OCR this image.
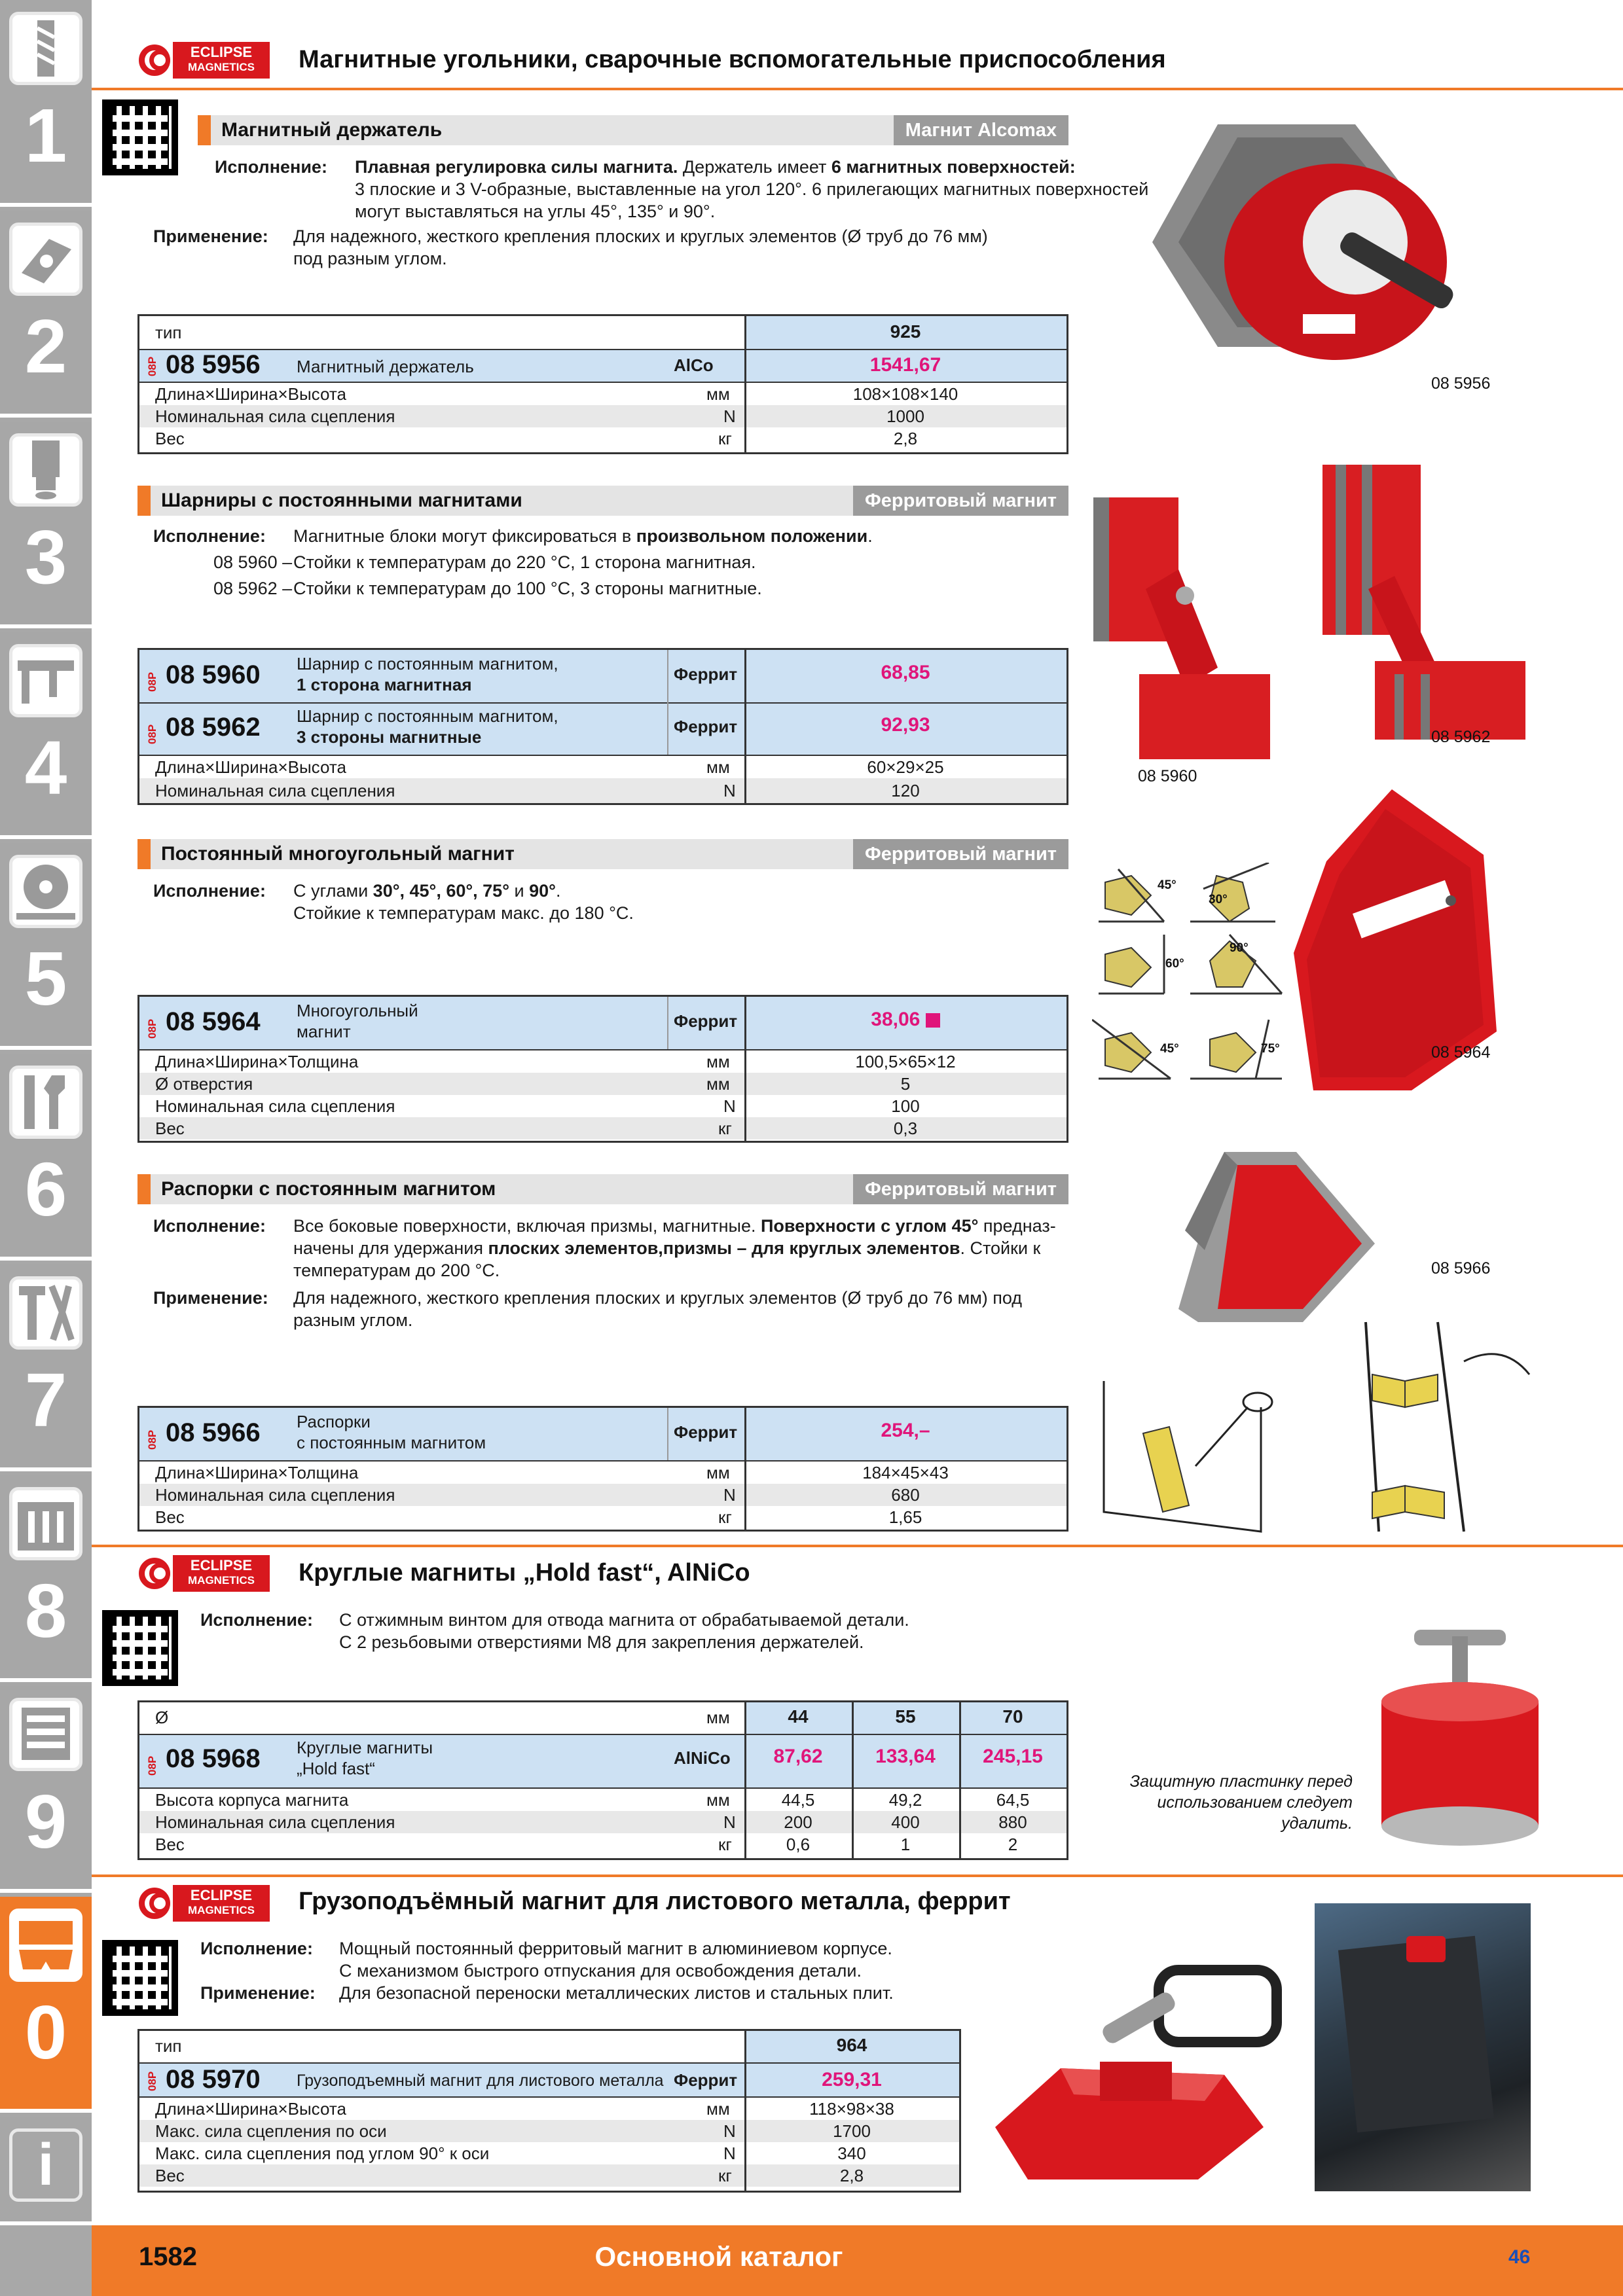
1
2
3
4
5
6
7
8
9
0
i
ECLIPSE
MAGNETICS	Магнитные угольники, сварочные вспомогательные приспособления
Магнитный держатель	Магнит Alcomax
Исполнение: Плавная регулировка силы магнита. Держатель имеет 6 магнитных поверхностей:
3 плоские и 3 V-образные, выставленные на угол 120°. 6 прилегающих магнитных поверхностей
могут выставляться на углы 45°, 135° и 90°.
Применение: Для надежного, жесткого крепления плоских и круглых элементов (Ø труб до 76 мм)
под разным углом.
тип	925
08P 08 5956 Магнитный держатель	AlCo	1541,67
Длина×Ширина×Высота	мм	108×108×140
Номинальная сила сцепления	N	1000
Вес	кг	2,8
08 5956
Шарниры с постоянными магнитами	Ферритовый магнит
Исполнение: Магнитные блоки могут фиксироваться в произвольном положении.
08 5960 – Стойки к температурам до 220 °C, 1 сторона магнитная.
08 5962 – Стойки к температурам до 100 °C, 3 стороны магнитные.
08P 08 5960 Шарнир с постоянным магнитом,
1 сторона магнитная
Феррит	68,85
08P 08 5962 Шарнир с постоянным магнитом,
3 стороны магнитные
Феррит	92,93
Длина×Ширина×Высота	мм	60×29×25
Номинальная сила сцепления	N	120
08 5960
08 5962
Постоянный многоугольный магнит	Ферритовый магнит
Исполнение: С углами 30°, 45°, 60°, 75° и 90°.
Стойкие к температурам макс. до 180 °C.
08P 08 5964 Многоугольный
магнит
Феррит	38,06
Длина×Ширина×Толщина	мм	100,5×65×12
Ø отверстия	мм	5
Номинальная сила сцепления	N	100
Вес	кг	0,3
45°
30°
60°
90°
45°	75°	08 5964
Распорки с постоянным магнитом	Ферритовый магнит
Исполнение: Все боковые поверхности, включая призмы, магнитные. Поверхности с углом 45° предназ-
начены для удержания плоских элементов,призмы – для круглых элементов. Стойки к
температурам до 200 °C.
Применение: Для надежного, жесткого крепления плоских и круглых элементов (Ø труб до 76 мм) под
разным углом.
08P 08 5966 Распорки
с постоянным магнитом
Феррит	254,–
Длина×Ширина×Толщина	мм	184×45×43
Номинальная сила сцепления	N	680
Вес	кг	1,65
08 5966
ECLIPSE
MAGNETICS	Круглые магниты „Hold fast“, AlNiCo
Исполнение: С отжимным винтом для отвода магнита от обрабатываемой детали.
С 2 резьбовыми отверстиями M8 для закрепления держателей.
Ø	мм	44	55	70
08P 08 5968 Круглые магниты
„Hold fast“
AlNiCo	87,62	133,64	245,15
Высота корпуса магнита	мм	44,5	49,2	64,5
Номинальная сила сцепления	N	200	400	880
Вес	кг	0,6	1	2
Защитную пластинку перед
использованием следует удалить.
ECLIPSE
MAGNETICS	Грузоподъёмный магнит для листового металла, феррит
Исполнение: Мощный постоянный ферритовый магнит в алюминиевом корпусе.
С механизмом быстрого отпускания для освобождения детали.
Применение: Для безопасной переноски металлических листов и стальных плит.
тип	964
08P 08 5970 Грузоподъемный магнит для листового металла Феррит	259,31
Длина×Ширина×Высота	мм	118×98×38
Макс. сила сцепления по оси	N	1700
Макс. сила сцепления под углом 90° к оси	N	340
Вес	кг	2,8
1582	Основной каталог	46
